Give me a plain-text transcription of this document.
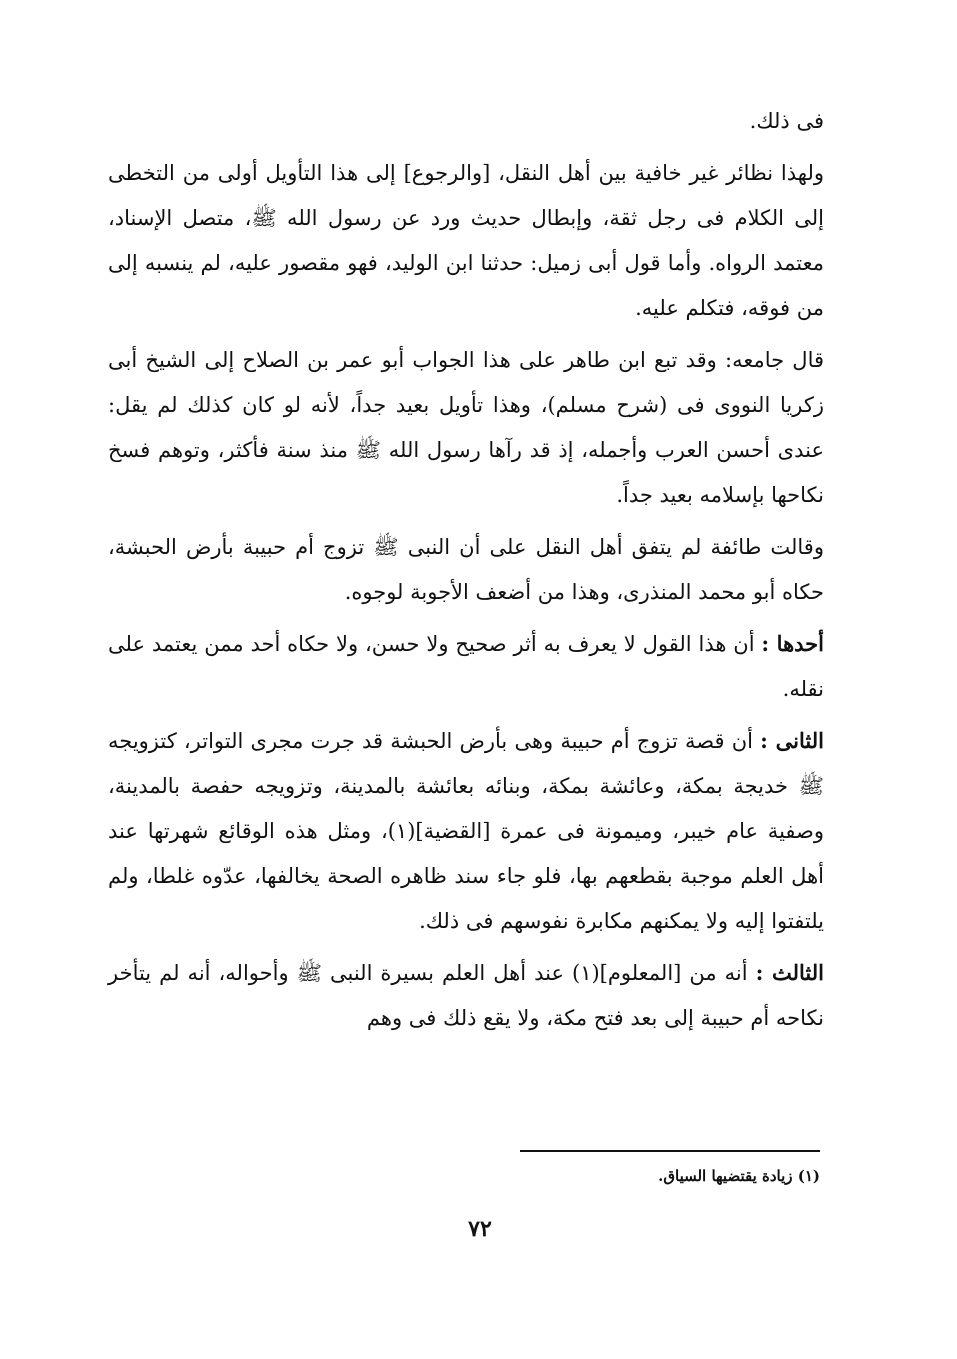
فى ذلك.

ولهذا نظائر غير خافية بين أهل النقل، [والرجوع] إلى هذا التأويل أولى من التخطى إلى الكلام فى رجل ثقة، وإبطال حديث ورد عن رسول الله ﷺ، متصل الإسناد، معتمد الرواه. وأما قول أبى زميل: حدثنا ابن الوليد، فهو مقصور عليه، لم ينسبه إلى من فوقه، فتكلم عليه.

قال جامعه: وقد تبع ابن طاهر على هذا الجواب أبو عمر بن الصلاح إلى الشيخ أبى زكريا النووى فى (شرح مسلم)، وهذا تأويل بعيد جداً، لأنه لو كان كذلك لم يقل: عندى أحسن العرب وأجمله، إذ قد رآها رسول الله ﷺ منذ سنة فأكثر، وتوهم فسخ نكاحها بإسلامه بعيد جداً.

وقالت طائفة لم يتفق أهل النقل على أن النبى ﷺ تزوج أم حبيبة بأرض الحبشة، حكاه أبو محمد المنذرى، وهذا من أضعف الأجوبة لوجوه.

أحدها : أن هذا القول لا يعرف به أثر صحيح ولا حسن، ولا حكاه أحد ممن يعتمد على نقله.

الثانى : أن قصة تزوج أم حبيبة وهى بأرض الحبشة قد جرت مجرى التواتر، كتزويجه ﷺ خديجة بمكة، وعائشة بمكة، وبنائه بعائشة بالمدينة، وتزويجه حفصة بالمدينة، وصفية عام خيبر، وميمونة فى عمرة [القضية](١)، ومثل هذه الوقائع شهرتها عند أهل العلم موجبة بقطعهم بها، فلو جاء سند ظاهره الصحة يخالفها، عدّوه غلطا، ولم يلتفتوا إليه ولا يمكنهم مكابرة نفوسهم فى ذلك.

الثالث : أنه من [المعلوم](١) عند أهل العلم بسيرة النبى ﷺ وأحواله، أنه لم يتأخر نكاحه أم حبيبة إلى بعد فتح مكة، ولا يقع ذلك فى وهم

(١) زيادة يقتضيها السياق.
٧٢
